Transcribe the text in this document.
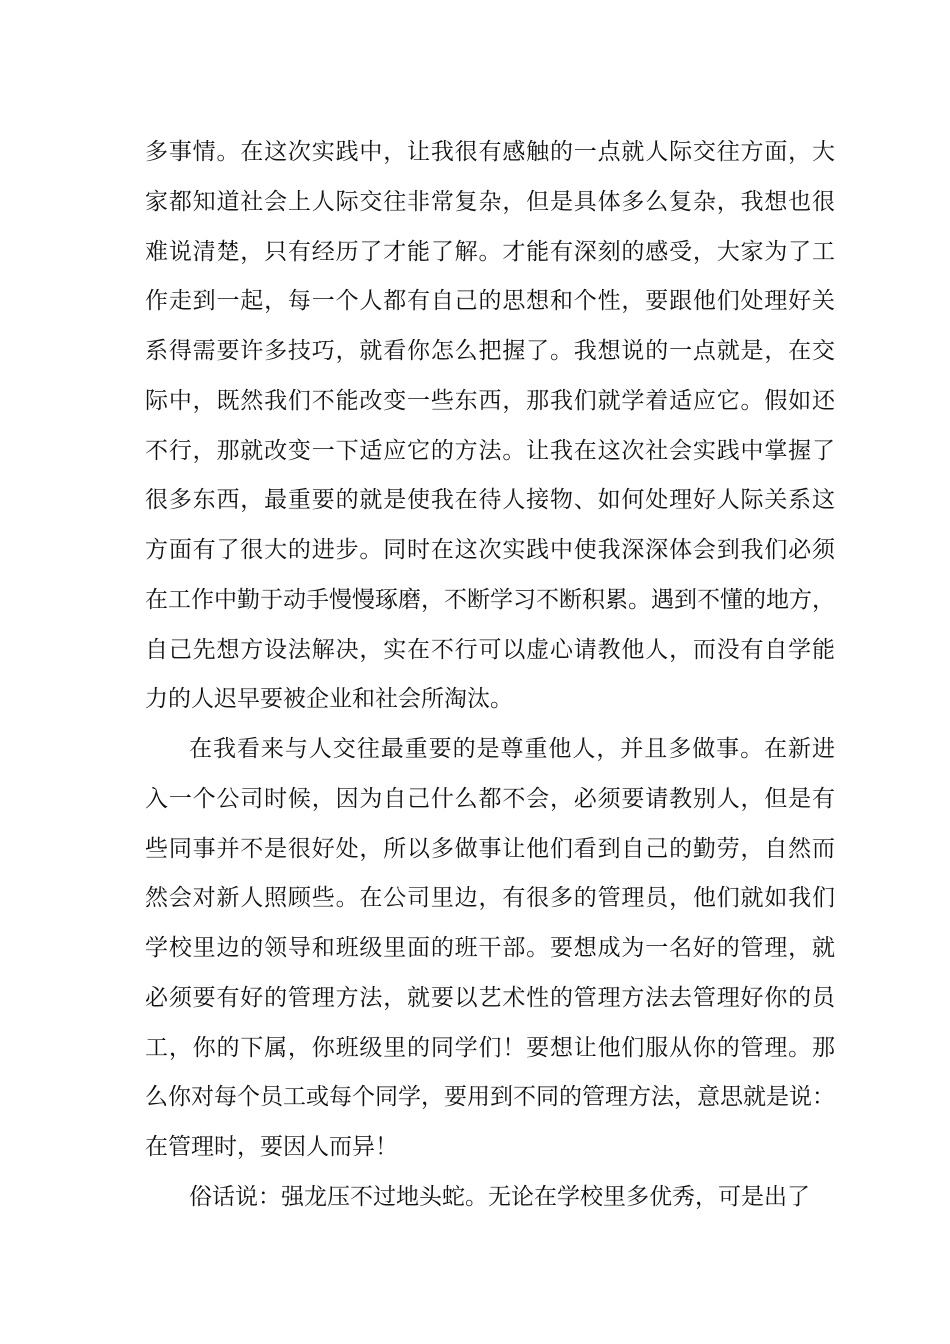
多事情。在这次实践中，让我很有感触的一点就人际交往方面，大
家都知道社会上人际交往非常复杂，但是具体多么复杂，我想也很
难说清楚，只有经历了才能了解。才能有深刻的感受，大家为了工
作走到一起，每一个人都有自己的思想和个性，要跟他们处理好关
系得需要许多技巧，就看你怎么把握了。我想说的一点就是，在交
际中，既然我们不能改变一些东西，那我们就学着适应它。假如还
不行，那就改变一下适应它的方法。让我在这次社会实践中掌握了
很多东西，最重要的就是使我在待人接物、如何处理好人际关系这
方面有了很大的进步。同时在这次实践中使我深深体会到我们必须
在工作中勤于动手慢慢琢磨，不断学习不断积累。遇到不懂的地方，
自己先想方设法解决，实在不行可以虚心请教他人，而没有自学能
力的人迟早要被企业和社会所淘汰。
在我看来与人交往最重要的是尊重他人，并且多做事。在新进
入一个公司时候，因为自己什么都不会，必须要请教别人，但是有
些同事并不是很好处，所以多做事让他们看到自己的勤劳，自然而
然会对新人照顾些。在公司里边，有很多的管理员，他们就如我们
学校里边的领导和班级里面的班干部。要想成为一名好的管理，就
必须要有好的管理方法，就要以艺术性的管理方法去管理好你的员
工，你的下属，你班级里的同学们！要想让他们服从你的管理。那
么你对每个员工或每个同学，要用到不同的管理方法，意思就是说：
在管理时，要因人而异！
俗话说：强龙压不过地头蛇。无论在学校里多优秀，可是出了
